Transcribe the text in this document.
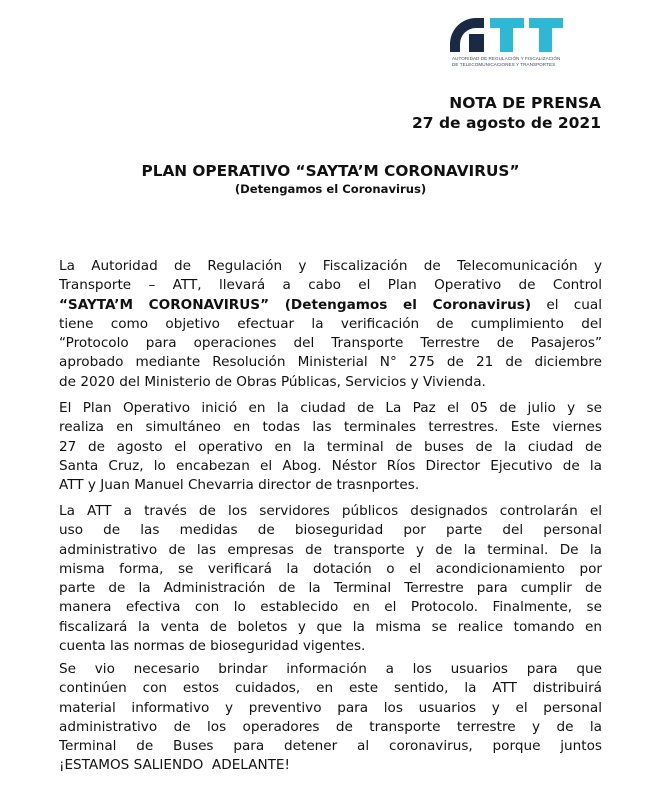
AUTORIDAD DE REGULACIÓN Y FISCALIZACIÓN
DE TELECOMUNICACIONES Y TRANSPORTES
NOTA DE PRENSA
27 de agosto de 2021
PLAN OPERATIVO “SAYTA’M CORONAVIRUS”
(Detengamos el Coronavirus)
La Autoridad de Regulación y Fiscalización de Telecomunicación y
Transporte – ATT, llevará a cabo el Plan Operativo de Control
“SAYTA’M CORONAVIRUS” (Detengamos el Coronavirus) el cual
tiene como objetivo efectuar la verificación de cumplimiento del
“Protocolo para operaciones del Transporte Terrestre de Pasajeros”
aprobado mediante Resolución Ministerial N° 275 de 21 de diciembre
de 2020 del Ministerio de Obras Públicas, Servicios y Vivienda.
El Plan Operativo inició en la ciudad de La Paz el 05 de julio y se
realiza en simultáneo en todas las terminales terrestres. Este viernes
27 de agosto el operativo en la terminal de buses de la ciudad de
Santa Cruz, lo encabezan el Abog. Néstor Ríos Director Ejecutivo de la
ATT y Juan Manuel Chevarria director de trasnportes.
La ATT a través de los servidores públicos designados controlarán el
uso de las medidas de bioseguridad por parte del personal
administrativo de las empresas de transporte y de la terminal. De la
misma forma, se verificará la dotación o el acondicionamiento por
parte de la Administración de la Terminal Terrestre para cumplir de
manera efectiva con lo establecido en el Protocolo. Finalmente, se
fiscalizará la venta de boletos y que la misma se realice tomando en
cuenta las normas de bioseguridad vigentes.
Se vio necesario brindar información a los usuarios para que
continúen con estos cuidados, en este sentido, la ATT distribuirá
material informativo y preventivo para los usuarios y el personal
administrativo de los operadores de transporte terrestre y de la
Terminal de Buses para detener al coronavirus, porque juntos
¡ESTAMOS SALIENDO  ADELANTE!
